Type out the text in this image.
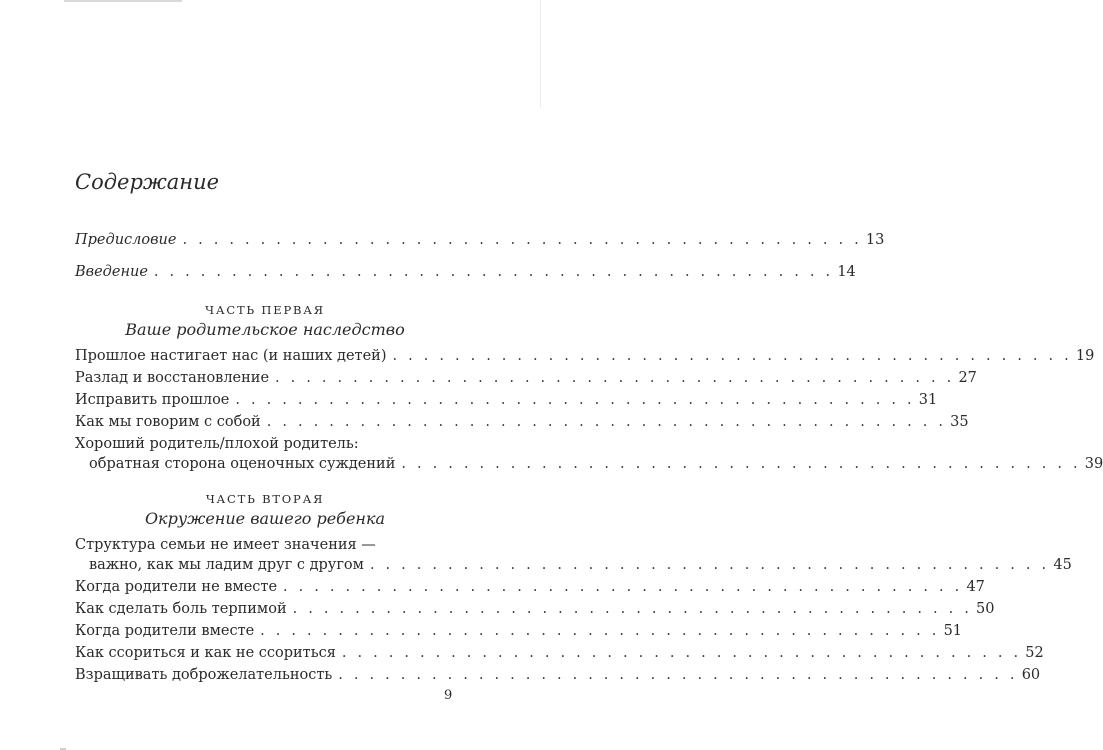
Содержание
Предисловие . . . . . . . . . . . . . . . . . . . . . . . . . . . . . . . . . . . . . . . . . . . . 13
Введение . . . . . . . . . . . . . . . . . . . . . . . . . . . . . . . . . . . . . . . . . . . . 14
ЧАСТЬ ПЕРВАЯ
Ваше родительское наследство
Прошлое настигает нас (и наших детей) . . . . . . . . . . . . . . . . . . . . . . . . . . . . . . . . . . . . . . . . . . . . 19
Разлад и восстановление . . . . . . . . . . . . . . . . . . . . . . . . . . . . . . . . . . . . . . . . . . . . 27
Исправить прошлое . . . . . . . . . . . . . . . . . . . . . . . . . . . . . . . . . . . . . . . . . . . . 31
Как мы говорим с собой . . . . . . . . . . . . . . . . . . . . . . . . . . . . . . . . . . . . . . . . . . . . 35
Хороший родитель/плохой родитель:
обратная сторона оценочных суждений . . . . . . . . . . . . . . . . . . . . . . . . . . . . . . . . . . . . . . . . . . . . 39
ЧАСТЬ ВТОРАЯ
Окружение вашего ребенка
Структура семьи не имеет значения —
важно, как мы ладим друг с другом . . . . . . . . . . . . . . . . . . . . . . . . . . . . . . . . . . . . . . . . . . . . 45
Когда родители не вместе . . . . . . . . . . . . . . . . . . . . . . . . . . . . . . . . . . . . . . . . . . . . 47
Как сделать боль терпимой . . . . . . . . . . . . . . . . . . . . . . . . . . . . . . . . . . . . . . . . . . . . 50
Когда родители вместе . . . . . . . . . . . . . . . . . . . . . . . . . . . . . . . . . . . . . . . . . . . . 51
Как ссориться и как не ссориться . . . . . . . . . . . . . . . . . . . . . . . . . . . . . . . . . . . . . . . . . . . . 52
Взращивать доброжелательность . . . . . . . . . . . . . . . . . . . . . . . . . . . . . . . . . . . . . . . . . . . . 60
9
